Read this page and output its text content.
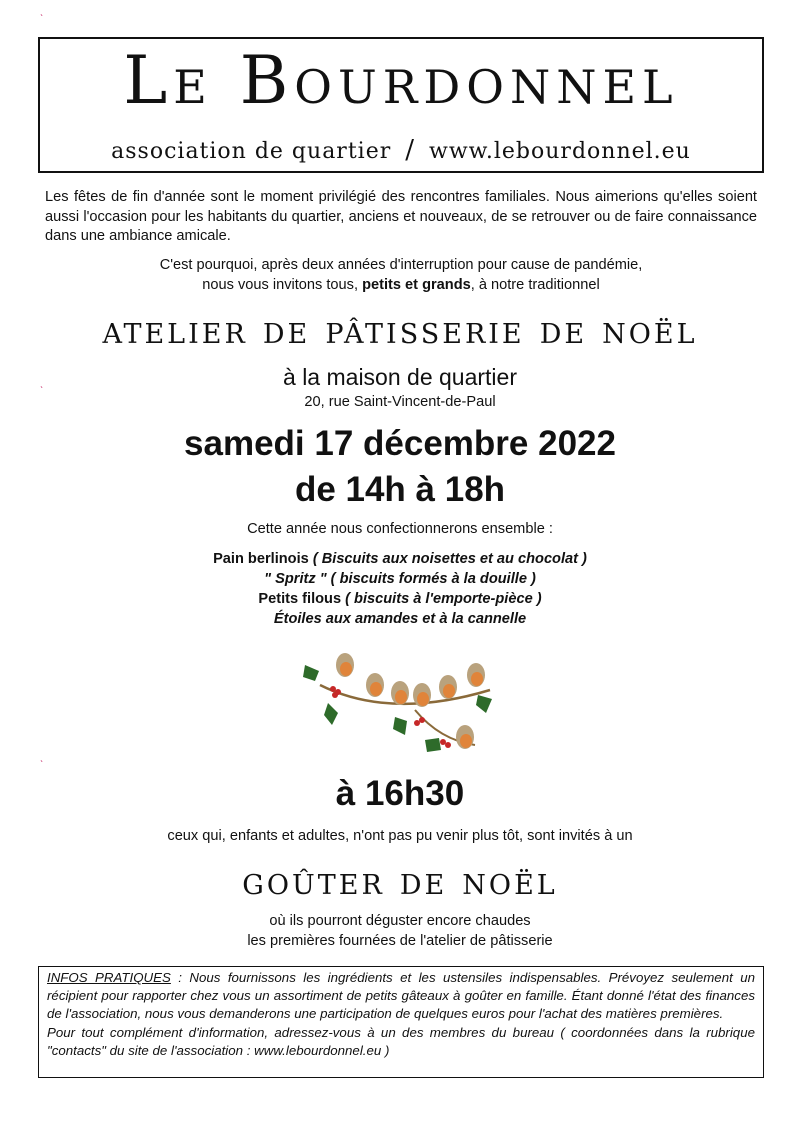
ˋ
Le Bourdonnel
association de quartier / www.lebourdonnel.eu
Les fêtes de fin d'année sont le moment privilégié des rencontres familiales. Nous aimerions qu'elles soient aussi l'occasion pour les habitants du quartier, anciens et nouveaux, de se retrouver ou de faire connaissance dans une ambiance amicale.
C'est pourquoi, après deux années d'interruption pour cause de pandémie,
nous vous invitons tous, petits et grands, à notre traditionnel
atelier de pâtisserie de noël
ˋ
à la maison de quartier
20, rue Saint-Vincent-de-Paul
samedi 17 décembre 2022
de 14h à 18h
Cette année nous confectionnerons ensemble :
Pain berlinois ( Biscuits aux noisettes et au chocolat )
" Spritz " ( biscuits formés à la douille )
Petits filous ( biscuits à l'emporte-pièce )
Étoiles aux amandes et à la cannelle
ˋ
à 16h30
ceux qui, enfants et adultes, n'ont pas pu venir plus tôt, sont invités à un
goûter de noël
où ils pourront déguster encore chaudes
les premières fournées de l'atelier de pâtisserie
INFOS PRATIQUES : Nous fournissons les ingrédients et les ustensiles indispensables. Prévoyez seulement un récipient pour rapporter chez vous un assortiment de petits gâteaux à goûter en famille. Étant donné l'état des finances de l'association, nous vous demanderons une participation de quelques euros pour l'achat des matières premières.
Pour tout complément d'information, adressez-vous à un des membres du bureau ( coordonnées dans la rubrique "contacts" du site de l'association : www.lebourdonnel.eu )
